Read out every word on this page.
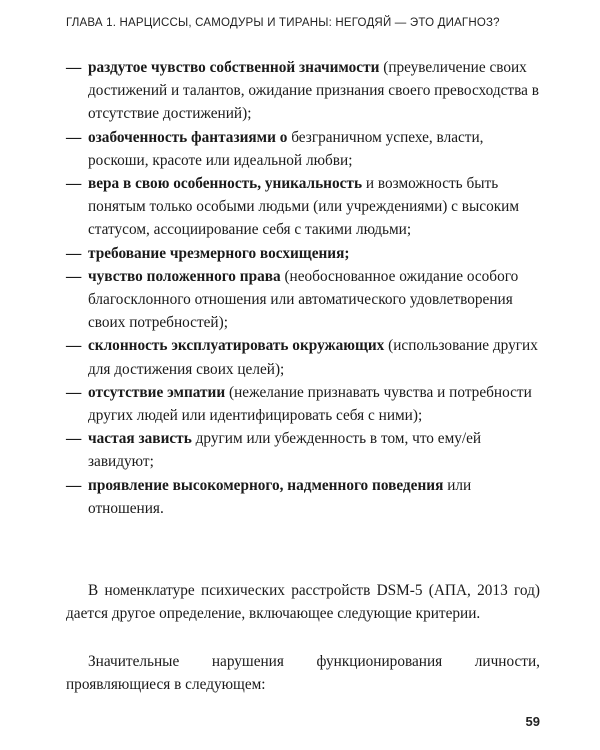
ГЛАВА 1. НАРЦИССЫ, САМОДУРЫ И ТИРАНЫ: НЕГОДЯЙ — ЭТО ДИАГНОЗ?
— раздутое чувство собственной значимости (преувеличение своих достижений и талантов, ожидание признания своего превосходства в отсутствие достижений);
— озабоченность фантазиями о безграничном успехе, власти, роскоши, красоте или идеальной любви;
— вера в свою особенность, уникальность и возможность быть понятым только особыми людьми (или учреждениями) с высоким статусом, ассоциирование себя с такими людьми;
— требование чрезмерного восхищения;
— чувство положенного права (необоснованное ожидание особого благосклонного отношения или автоматического удовлетворения своих потребностей);
— склонность эксплуатировать окружающих (использование других для достижения своих целей);
— отсутствие эмпатии (нежелание признавать чувства и потребности других людей или идентифицировать себя с ними);
— частая зависть другим или убежденность в том, что ему/ей завидуют;
— проявление высокомерного, надменного поведения или отношения.

В номенклатуре психических расстройств DSM-5 (АПА, 2013 год) дается другое определение, включающее следующие критерии.

Значительные нарушения функционирования личности, проявляющиеся в следующем:

59
